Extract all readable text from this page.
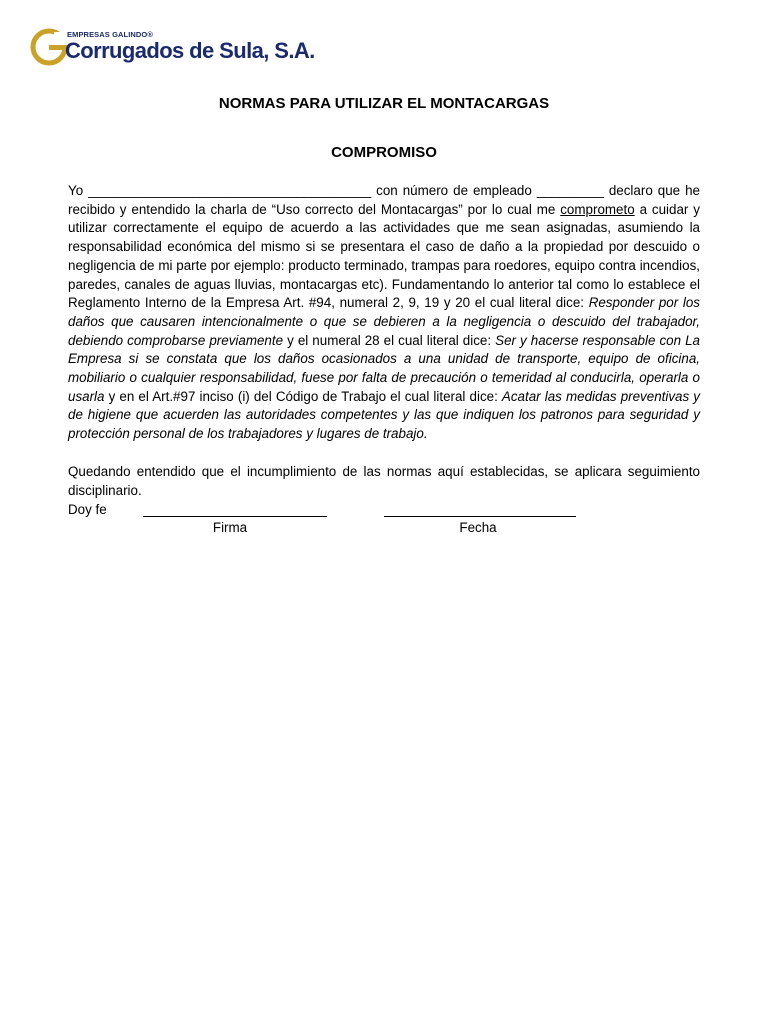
EMPRESAS GALINDO®
Corrugados de Sula, S.A.
NORMAS PARA UTILIZAR EL MONTACARGAS
COMPROMISO

Yo ______________________________________ con número de empleado _________ declaro que he recibido y entendido la charla de “Uso correcto del Montacargas” por lo cual me comprometo a cuidar y utilizar correctamente el equipo de acuerdo a las actividades que me sean asignadas, asumiendo la responsabilidad económica del mismo si se presentara el caso de daño a la propiedad por descuido o negligencia de mi parte por ejemplo: producto terminado, trampas para roedores, equipo contra incendios, paredes, canales de aguas lluvias, montacargas etc). Fundamentando lo anterior tal como lo establece el Reglamento Interno de la Empresa Art. #94, numeral 2, 9, 19 y 20 el cual literal dice: Responder por los daños que causaren intencionalmente o que se debieren a la negligencia o descuido del trabajador, debiendo comprobarse previamente y el numeral 28 el cual literal dice: Ser y hacerse responsable con La Empresa si se constata que los daños ocasionados a una unidad de transporte, equipo de oficina, mobiliario o cualquier responsabilidad, fuese por falta de precaución o temeridad al conducirla, operarla o usarla y en el Art.#97 inciso (i) del Código de Trabajo el cual literal dice: Acatar las medidas preventivas y de higiene que acuerden las autoridades competentes y las que indiquen los patronos para seguridad y protección personal de los trabajadores y lugares de trabajo.

Quedando entendido que el incumplimiento de las normas aquí establecidas, se aplicara seguimiento disciplinario.

Doy fe
Firma	Fecha
